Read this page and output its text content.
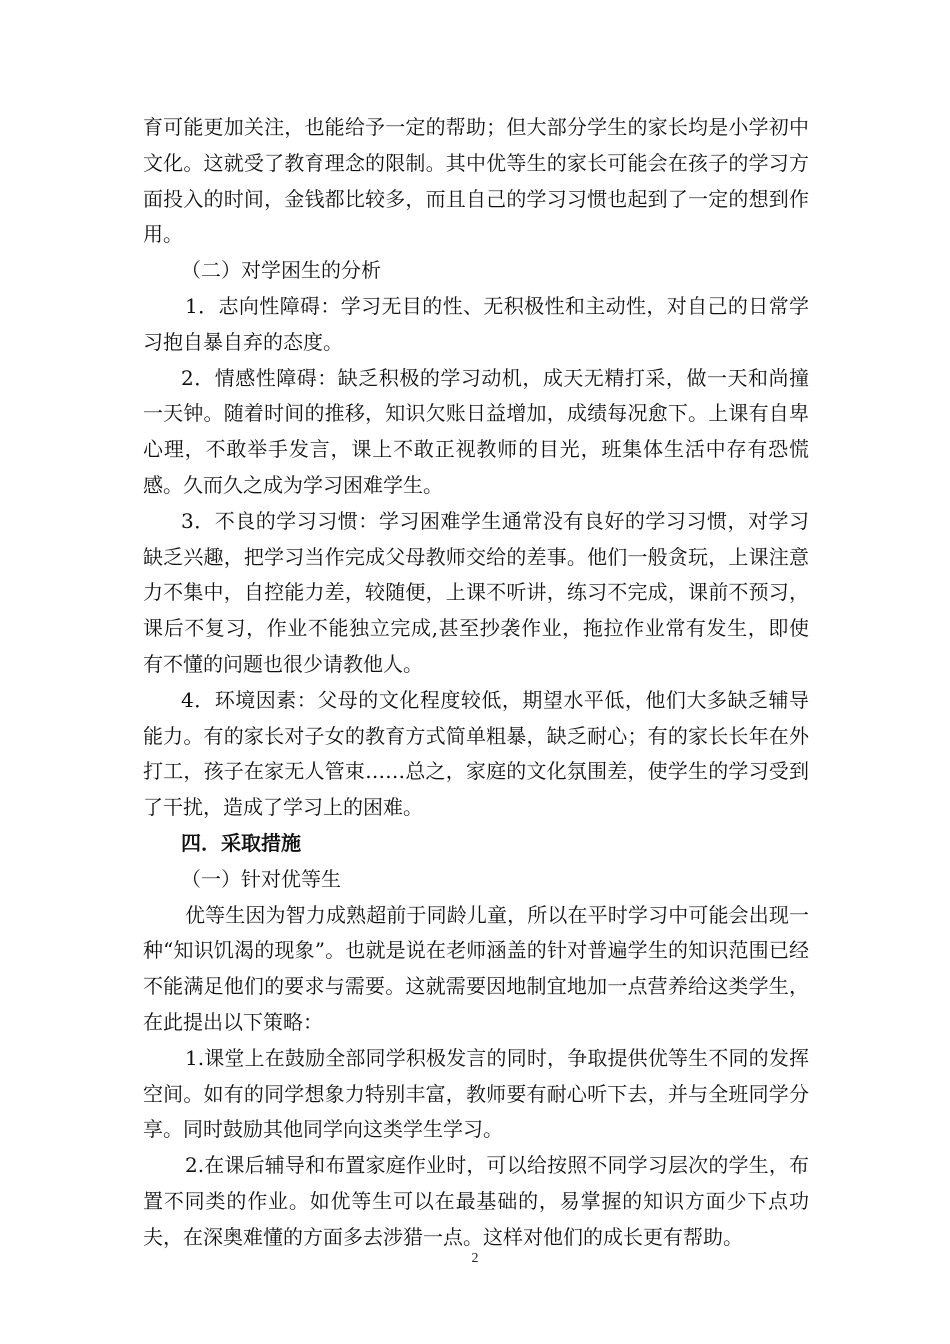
育可能更加关注，也能给予一定的帮助；但大部分学生的家长均是小学初中文化。这就受了教育理念的限制。其中优等生的家长可能会在孩子的学习方面投入的时间，金钱都比较多，而且自己的学习习惯也起到了一定的想到作用。

（二）对学困生的分析

1．志向性障碍：学习无目的性、无积极性和主动性，对自己的日常学习抱自暴自弃的态度。

2．情感性障碍：缺乏积极的学习动机，成天无精打采，做一天和尚撞一天钟。随着时间的推移，知识欠账日益增加，成绩每况愈下。上课有自卑心理，不敢举手发言，课上不敢正视教师的目光，班集体生活中存有恐慌感。久而久之成为学习困难学生。

3．不良的学习习惯：学习困难学生通常没有良好的学习习惯，对学习缺乏兴趣，把学习当作完成父母教师交给的差事。他们一般贪玩，上课注意力不集中，自控能力差，较随便，上课不听讲，练习不完成，课前不预习，课后不复习，作业不能独立完成,甚至抄袭作业，拖拉作业常有发生，即使有不懂的问题也很少请教他人。

4．环境因素：父母的文化程度较低，期望水平低，他们大多缺乏辅导能力。有的家长对子女的教育方式简单粗暴，缺乏耐心；有的家长长年在外打工，孩子在家无人管束……总之，家庭的文化氛围差，使学生的学习受到了干扰，造成了学习上的困难。

四．采取措施

（一）针对优等生

优等生因为智力成熟超前于同龄儿童，所以在平时学习中可能会出现一种“知识饥渴的现象”。也就是说在老师涵盖的针对普遍学生的知识范围已经不能满足他们的要求与需要。这就需要因地制宜地加一点营养给这类学生，在此提出以下策略：

1.课堂上在鼓励全部同学积极发言的同时，争取提供优等生不同的发挥空间。如有的同学想象力特别丰富，教师要有耐心听下去，并与全班同学分享。同时鼓励其他同学向这类学生学习。

2.在课后辅导和布置家庭作业时，可以给按照不同学习层次的学生，布置不同类的作业。如优等生可以在最基础的，易掌握的知识方面少下点功夫，在深奥难懂的方面多去涉猎一点。这样对他们的成长更有帮助。

2
